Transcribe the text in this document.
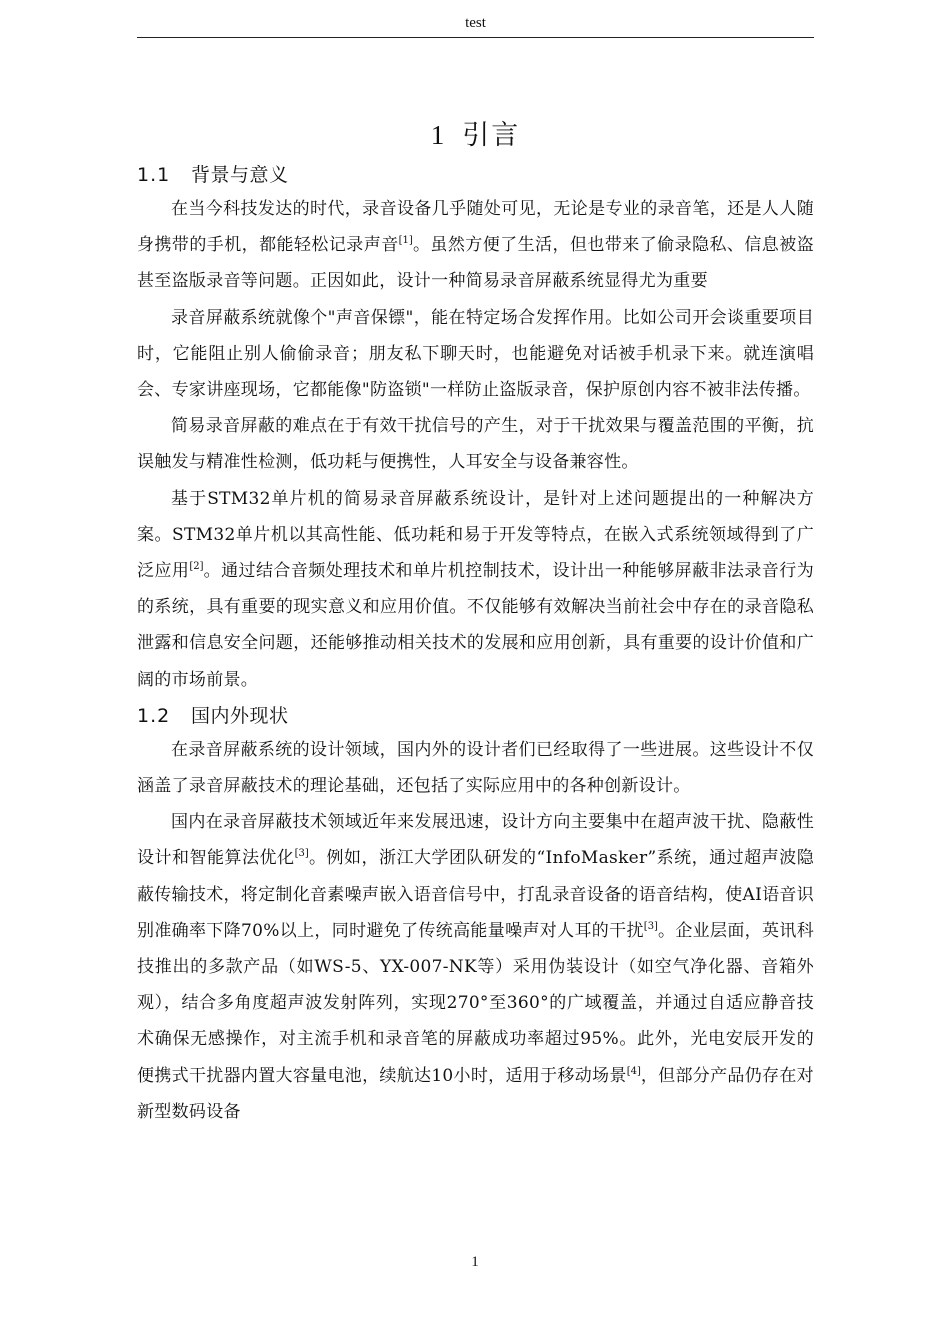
test
1 引言
1.1 背景与意义

在当今科技发达的时代，录音设备几乎随处可见，无论是专业的录音笔，还是人人随身携带的手机，都能轻松记录声音[1]。虽然方便了生活，但也带来了偷录隐私、信息被盗甚至盗版录音等问题。正因如此，设计一种简易录音屏蔽系统显得尤为重要

录音屏蔽系统就像个"声音保镖"，能在特定场合发挥作用。比如公司开会谈重要项目时，它能阻止别人偷偷录音；朋友私下聊天时，也能避免对话被手机录下来。就连演唱会、专家讲座现场，它都能像"防盗锁"一样防止盗版录音，保护原创内容不被非法传播。

简易录音屏蔽的难点在于有效干扰信号的产生，对于干扰效果与覆盖范围的平衡，抗误触发与精准性检测，低功耗与便携性，人耳安全与设备兼容性。

基于STM32单片机的简易录音屏蔽系统设计，是针对上述问题提出的一种解决方案。STM32单片机以其高性能、低功耗和易于开发等特点，在嵌入式系统领域得到了广泛应用[2]。通过结合音频处理技术和单片机控制技术，设计出一种能够屏蔽非法录音行为的系统，具有重要的现实意义和应用价值。不仅能够有效解决当前社会中存在的录音隐私泄露和信息安全问题，还能够推动相关技术的发展和应用创新，具有重要的设计价值和广阔的市场前景。

1.2 国内外现状

在录音屏蔽系统的设计领域，国内外的设计者们已经取得了一些进展。这些设计不仅涵盖了录音屏蔽技术的理论基础，还包括了实际应用中的各种创新设计。

国内在录音屏蔽技术领域近年来发展迅速，设计方向主要集中在超声波干扰、隐蔽性设计和智能算法优化[3]。例如，浙江大学团队研发的“InfoMasker”系统，通过超声波隐蔽传输技术，将定制化音素噪声嵌入语音信号中，打乱录音设备的语音结构，使AI语音识别准确率下降70%以上，同时避免了传统高能量噪声对人耳的干扰[3]。企业层面，英讯科技推出的多款产品（如WS-5、YX-007-NK等）采用伪装设计（如空气净化器、音箱外观），结合多角度超声波发射阵列，实现270°至360°的广域覆盖，并通过自适应静音技术确保无感操作，对主流手机和录音笔的屏蔽成功率超过95%。此外，光电安辰开发的便携式干扰器内置大容量电池，续航达10小时，适用于移动场景[4]，但部分产品仍存在对新型数码设备

1
